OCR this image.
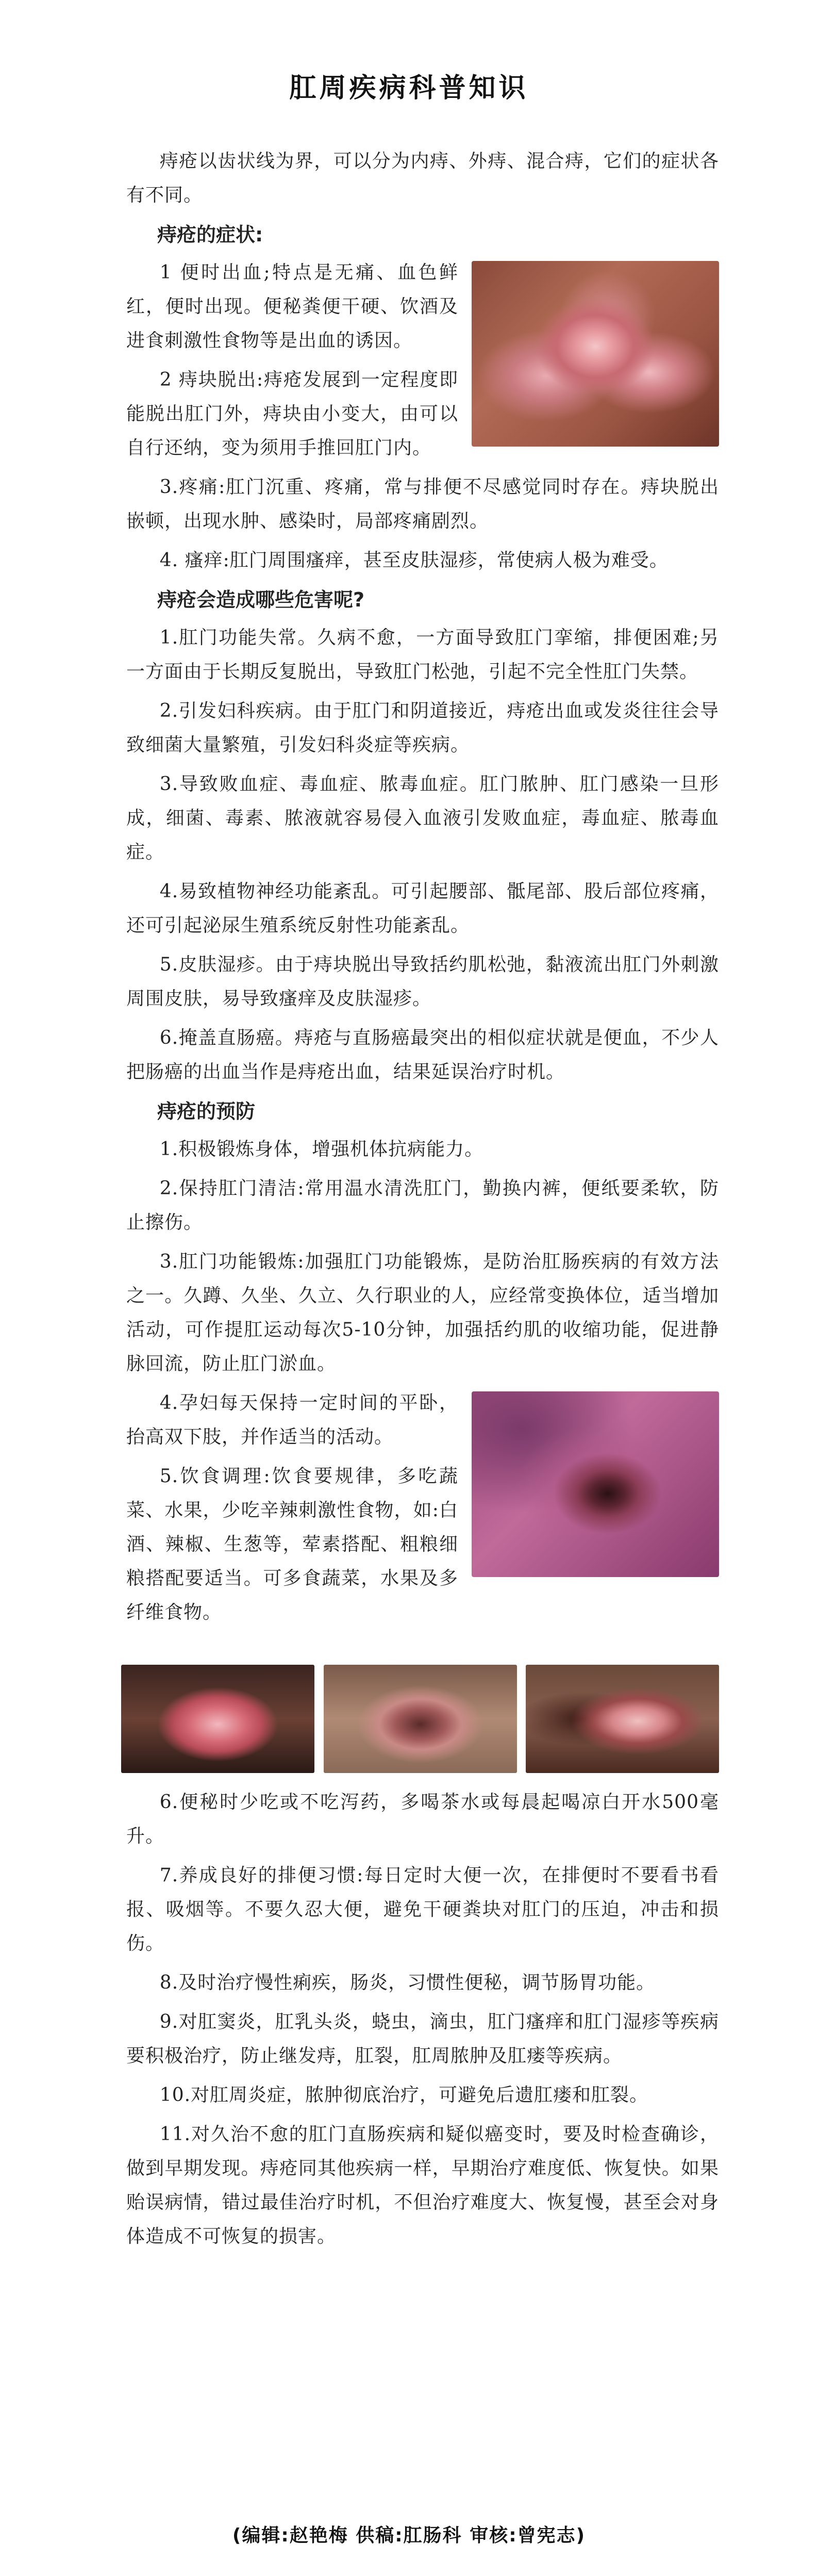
肛周疾病科普知识

痔疮以齿状线为界，可以分为内痔、外痔、混合痔，它们的症状各有不同。

痔疮的症状:

1 便时出血;特点是无痛、血色鲜红，便时出现。便秘粪便干硬、饮酒及进食刺激性食物等是出血的诱因。

2 痔块脱出:痔疮发展到一定程度即能脱出肛门外，痔块由小变大，由可以自行还纳，变为须用手推回肛门内。

3.疼痛:肛门沉重、疼痛，常与排便不尽感觉同时存在。痔块脱出嵌顿，出现水肿、感染时，局部疼痛剧烈。

4. 瘙痒:肛门周围瘙痒，甚至皮肤湿疹，常使病人极为难受。

痔疮会造成哪些危害呢?

1.肛门功能失常。久病不愈，一方面导致肛门挛缩，排便困难;另一方面由于长期反复脱出，导致肛门松弛，引起不完全性肛门失禁。

2.引发妇科疾病。由于肛门和阴道接近，痔疮出血或发炎往往会导致细菌大量繁殖，引发妇科炎症等疾病。

3.导致败血症、毒血症、脓毒血症。肛门脓肿、肛门感染一旦形成，细菌、毒素、脓液就容易侵入血液引发败血症，毒血症、脓毒血症。

4.易致植物神经功能紊乱。可引起腰部、骶尾部、股后部位疼痛，还可引起泌尿生殖系统反射性功能紊乱。

5.皮肤湿疹。由于痔块脱出导致括约肌松弛，黏液流出肛门外刺激周围皮肤，易导致瘙痒及皮肤湿疹。

6.掩盖直肠癌。痔疮与直肠癌最突出的相似症状就是便血，不少人把肠癌的出血当作是痔疮出血，结果延误治疗时机。

痔疮的预防

1.积极锻炼身体，增强机体抗病能力。

2.保持肛门清洁:常用温水清洗肛门，勤换内裤，便纸要柔软，防止擦伤。

3.肛门功能锻炼:加强肛门功能锻炼，是防治肛肠疾病的有效方法之一。久蹲、久坐、久立、久行职业的人，应经常变换体位，适当增加活动，可作提肛运动每次5-10分钟，加强括约肌的收缩功能，促进静脉回流，防止肛门淤血。

4.孕妇每天保持一定时间的平卧，抬高双下肢，并作适当的活动。

5.饮食调理:饮食要规律，多吃蔬菜、水果，少吃辛辣刺激性食物，如:白酒、辣椒、生葱等，荤素搭配、粗粮细粮搭配要适当。可多食蔬菜，水果及多纤维食物。

6.便秘时少吃或不吃泻药，多喝茶水或每晨起喝凉白开水500毫升。

7.养成良好的排便习惯:每日定时大便一次，在排便时不要看书看报、吸烟等。不要久忍大便，避免干硬粪块对肛门的压迫，冲击和损伤。

8.及时治疗慢性痢疾，肠炎，习惯性便秘，调节肠胃功能。

9.对肛窦炎，肛乳头炎，蛲虫，滴虫，肛门瘙痒和肛门湿疹等疾病要积极治疗，防止继发痔，肛裂，肛周脓肿及肛瘘等疾病。

10.对肛周炎症，脓肿彻底治疗，可避免后遗肛瘘和肛裂。

11.对久治不愈的肛门直肠疾病和疑似癌变时，要及时检查确诊，做到早期发现。痔疮同其他疾病一样，早期治疗难度低、恢复快。如果贻误病情，错过最佳治疗时机，不但治疗难度大、恢复慢，甚至会对身体造成不可恢复的损害。

(编辑:赵艳梅 供稿:肛肠科 审核:曾宪志)
